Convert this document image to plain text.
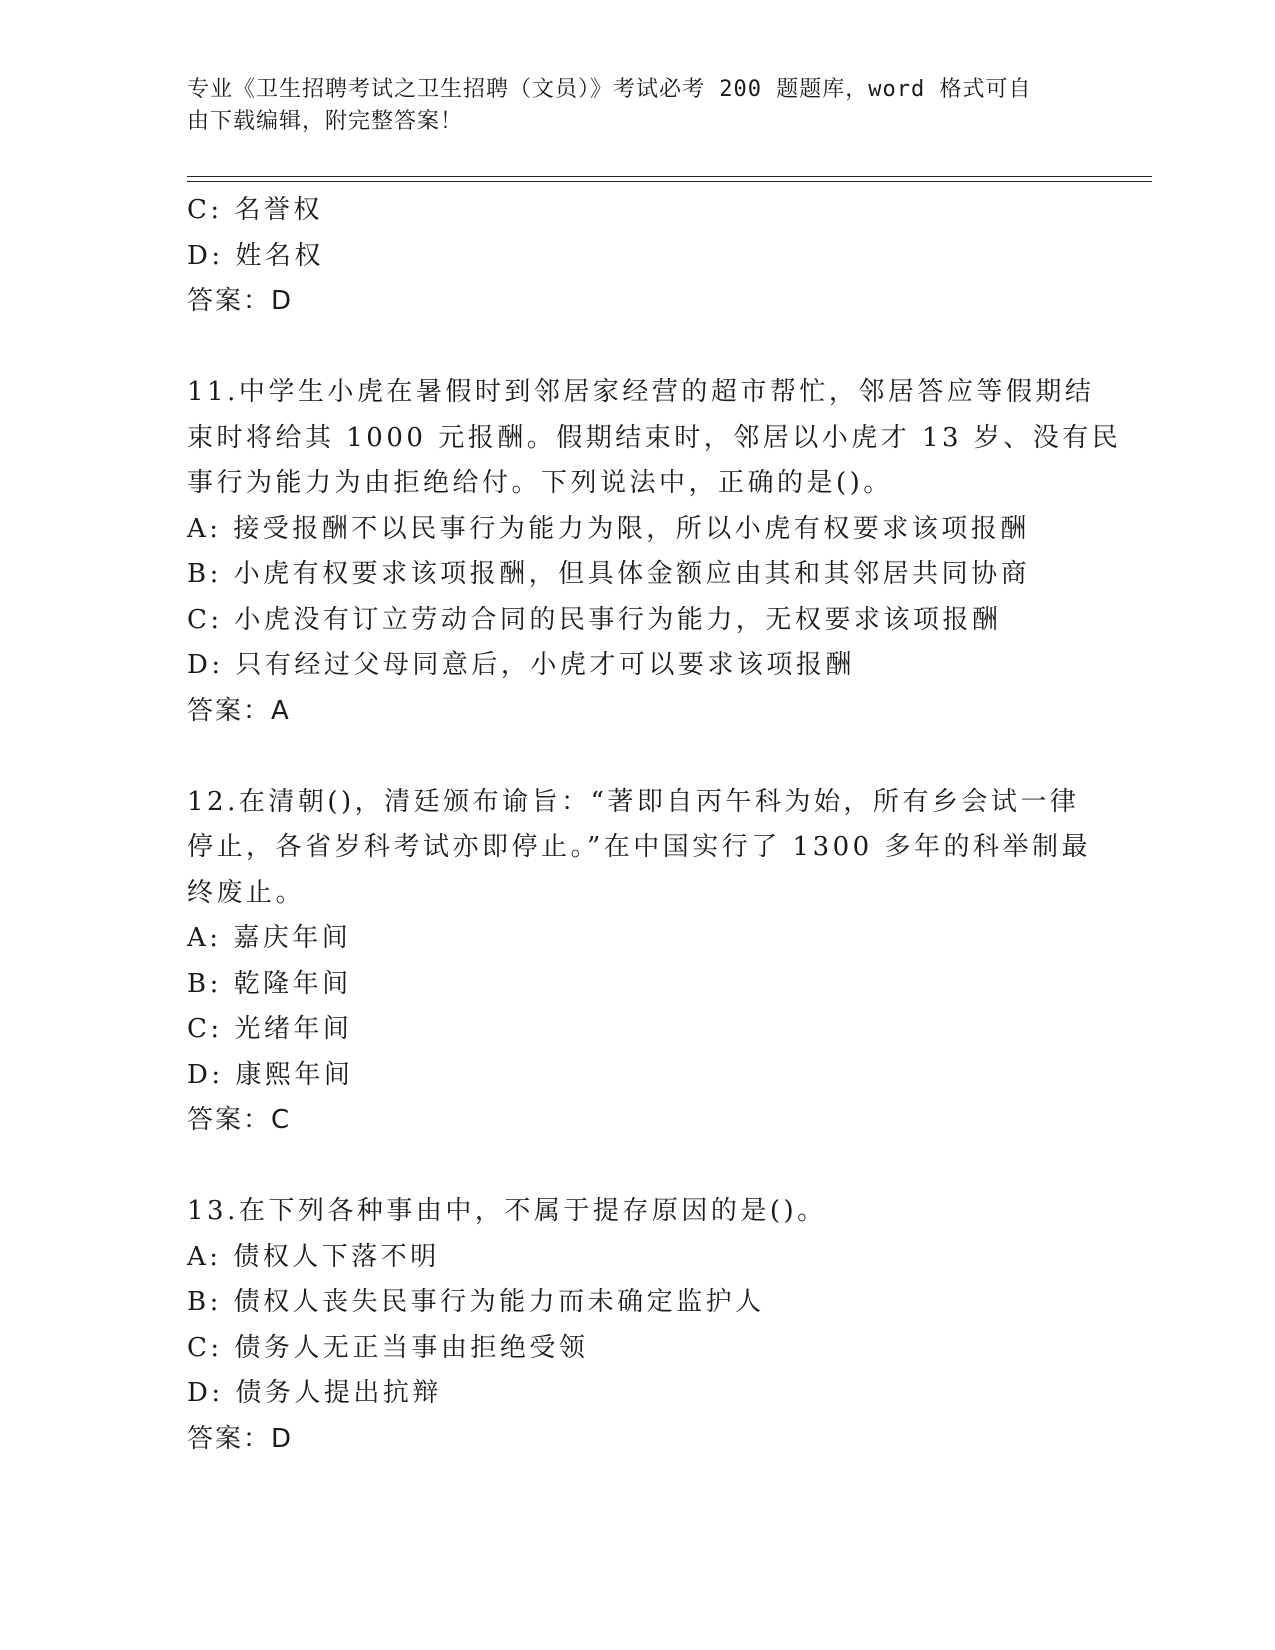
专业《卫生招聘考试之卫生招聘（文员）》考试必考 200 题题库，word 格式可自
由下载编辑，附完整答案！
C: 名誉权
D: 姓名权
答案：D
11.中学生小虎在暑假时到邻居家经营的超市帮忙，邻居答应等假期结
束时将给其 1000 元报酬。假期结束时，邻居以小虎才 13 岁、没有民
事行为能力为由拒绝给付。下列说法中，正确的是()。
A: 接受报酬不以民事行为能力为限，所以小虎有权要求该项报酬
B: 小虎有权要求该项报酬，但具体金额应由其和其邻居共同协商
C: 小虎没有订立劳动合同的民事行为能力，无权要求该项报酬
D: 只有经过父母同意后，小虎才可以要求该项报酬
答案：A
12.在清朝()，清廷颁布谕旨：“著即自丙午科为始，所有乡会试一律
停止，各省岁科考试亦即停止。”在中国实行了 1300 多年的科举制最
终废止。
A: 嘉庆年间
B: 乾隆年间
C: 光绪年间
D: 康熙年间
答案：C
13.在下列各种事由中，不属于提存原因的是()。
A: 债权人下落不明
B: 债权人丧失民事行为能力而未确定监护人
C: 债务人无正当事由拒绝受领
D: 债务人提出抗辩
答案：D
